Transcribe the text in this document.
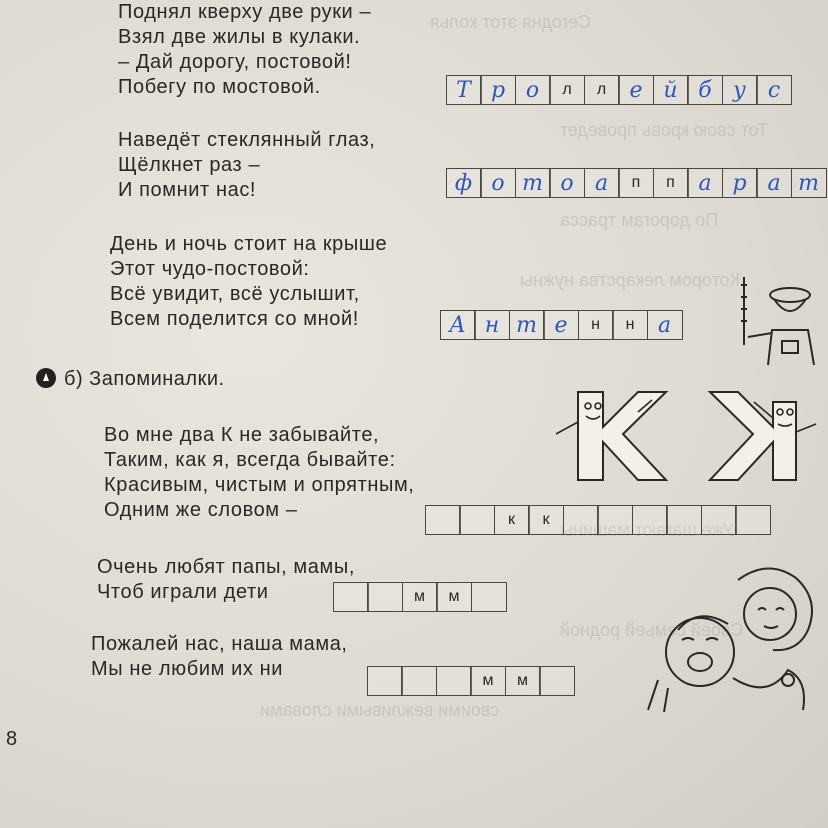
Сегодня этот колья
Тот свою кровь проведет
По дорогам трасса
Котором лекарства нужны
Уже шагают машины
Своей семьей родной
своими вежливыми словами
Поднял кверху две руки –
Взял две жилы в кулаки.
– Дай дорогу, постовой!
Побегу по мостовой.	Т р о	л	л	е й б у с
Наведёт стеклянный глаз,
Щёлкнет раз –
И помнит нас!	ф о т о а	п	п	а р а т
День и ночь стоит на крыше
Этот чудо-постовой:
Всё увидит, всё услышит,
Всем поделится со мной!	А н т е	н	н	а
б) Запоминалки.
Во мне два К не забывайте,
Таким, как я, всегда бывайте:
Красивым, чистым и опрятным,
Одним же словом –	к	к
Очень любят папы, мамы,
Чтоб играли дети	м	м
Пожалей нас, наша мама,
Мы не любим их ни
м	м
8
